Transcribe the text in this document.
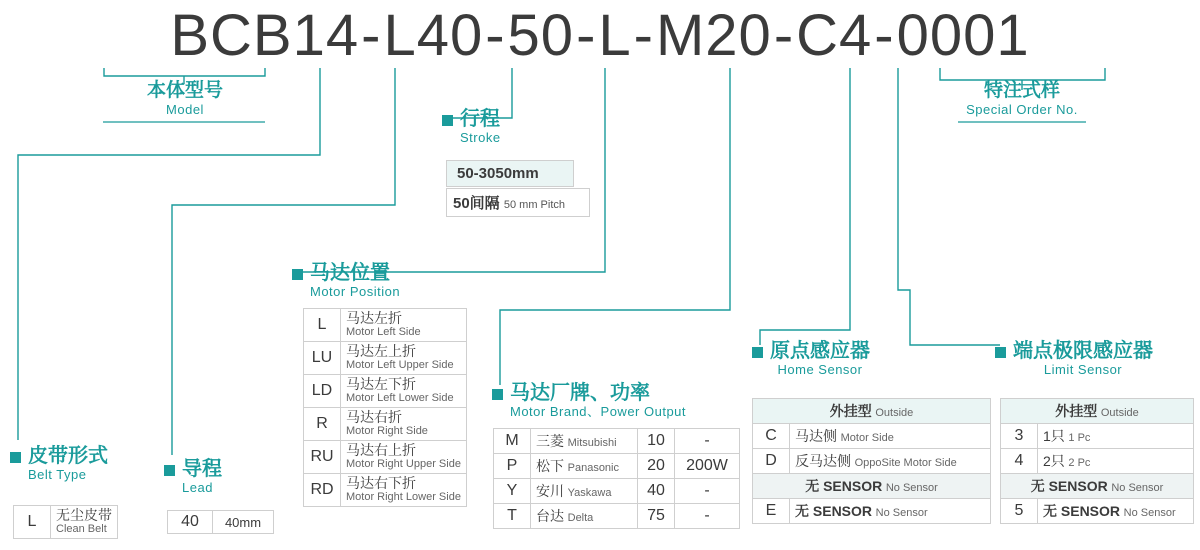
BCB14-L40-50-L-M20-C4-0001
本体型号
Model
特注式样
Special Order No.
行程
Stroke
50-3050mm
50间隔 50 mm Pitch
皮带形式
Belt Type
L	无尘皮带
Clean Belt
导程
Lead
40	40mm
马达位置
Motor Position
L	马达左折
Motor Left Side

LU	马达左上折
Motor Left Upper Side

LD	马达左下折
Motor Left Lower Side

R	马达右折
Motor Right Side

RU	马达右上折
Motor Right Upper Side

RD	马达右下折
Motor Right Lower Side
马达厂牌、功率
Motor Brand、Power Output
M	三菱 Mitsubishi	10	-
P	松下 Panasonic	20	200W
Y	安川 Yaskawa	40	-
T	台达 Delta	75	-
原点感应器
Home Sensor
外挂型 Outside	
C	马达侧 Motor Side
D	反马达侧 OppoSite Motor Side
无 SENSOR No Sensor	
E	无 SENSOR No Sensor
端点极限感应器
Limit Sensor
外挂型 Outside	
3	1只 1 Pc
4	2只 2 Pc
无 SENSOR No Sensor	
5	无 SENSOR No Sensor
